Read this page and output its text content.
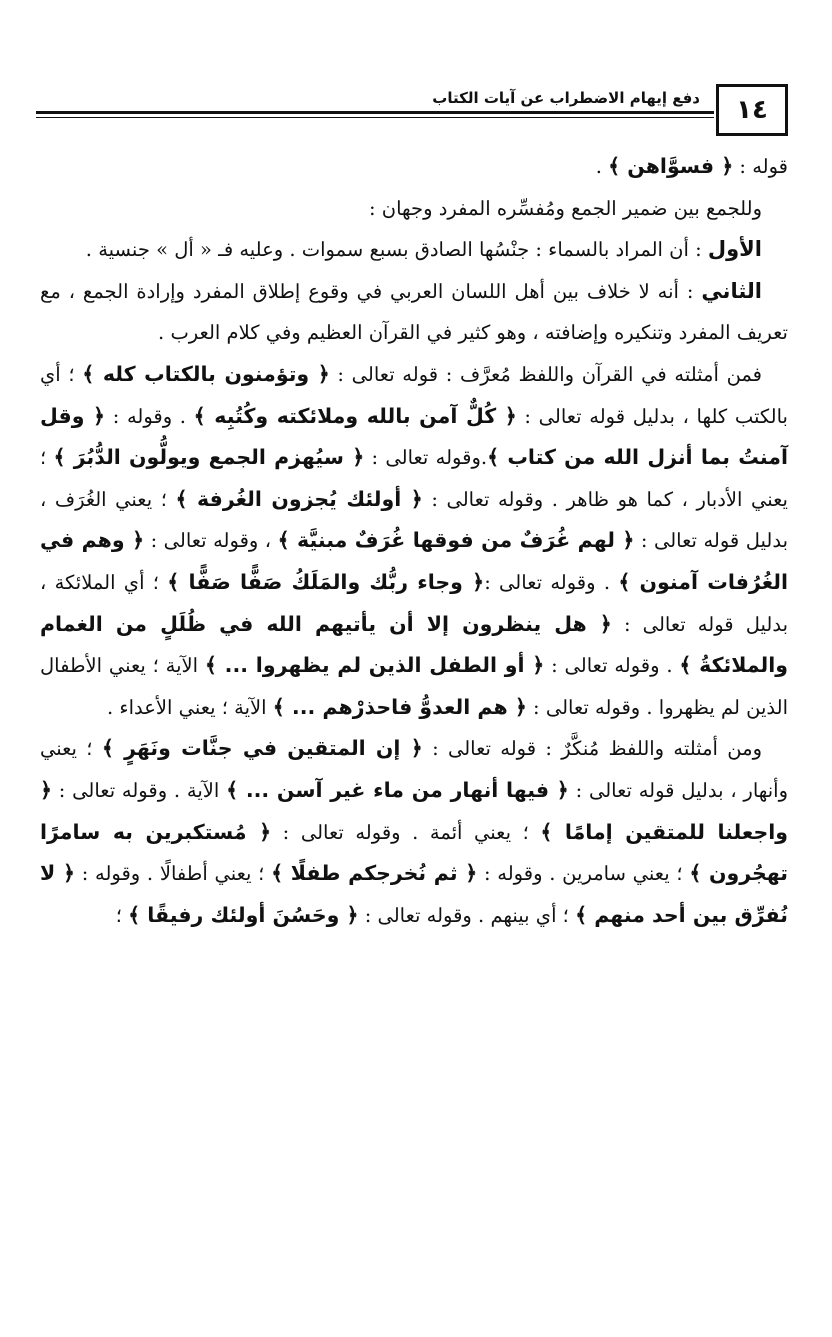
١٤
دفع إيهام الاضطراب عن آيات الكتاب

قوله : ﴿ فسوَّاهن ﴾ .

وللجمع بين ضمير الجمع ومُفسِّره المفرد وجهان :

الأول : أن المراد بالسماء : جنْسُها الصادق بسبع سموات . وعليه فـ « أل » جنسية .

الثاني : أنه لا خلاف بين أهل اللسان العربي في وقوع إطلاق المفرد وإرادة الجمع ، مع تعريف المفرد وتنكيره وإضافته ، وهو كثير في القرآن العظيم وفي كلام العرب .

فمن أمثلته في القرآن واللفظ مُعرَّف : قوله تعالى : ﴿ وتؤمنون بالكتاب كله ﴾ ؛ أي بالكتب كلها ، بدليل قوله تعالى : ﴿ كُلٌّ آمن بالله وملائكته وكُتُبِه ﴾ . وقوله : ﴿ وقل آمنتُ بما أنزل الله من كتاب ﴾.وقوله تعالى : ﴿ سيُهزم الجمع ويولُّون الدُّبُرَ ﴾ ؛ يعني الأدبار ، كما هو ظاهر . وقوله تعالى : ﴿ أولئك يُجزون الغُرفة ﴾ ؛ يعني الغُرَف ، بدليل قوله تعالى : ﴿ لهم غُرَفٌ من فوقها غُرَفٌ مبنيَّة ﴾ ، وقوله تعالى : ﴿ وهم في الغُرُفات آمنون ﴾ . وقوله تعالى :﴿ وجاء ربُّك والمَلَكُ صَفًّا صَفًّا ﴾ ؛ أي الملائكة ، بدليل قوله تعالى : ﴿ هل ينظرون إلا أن يأتيهم الله في ظُلَلٍ من الغمام والملائكةُ ﴾ . وقوله تعالى : ﴿ أو الطفل الذين لم يظهروا ... ﴾ الآية ؛ يعني الأطفال الذين لم يظهروا . وقوله تعالى : ﴿ هم العدوُّ فاحذرْهم ... ﴾ الآية ؛ يعني الأعداء .

ومن أمثلته واللفظ مُنكَّرٌ : قوله تعالى : ﴿ إن المتقين في جنَّات ونَهَرٍ ﴾ ؛ يعني وأنهار ، بدليل قوله تعالى : ﴿ فيها أنهار من ماء غير آسن ... ﴾ الآية . وقوله تعالى : ﴿ واجعلنا للمتقين إمامًا ﴾ ؛ يعني أئمة . وقوله تعالى : ﴿ مُستكبرين به سامرًا تهجُرون ﴾ ؛ يعني سامرين . وقوله : ﴿ ثم نُخرجكم طفلًا ﴾ ؛ يعني أطفالًا . وقوله : ﴿ لا نُفرِّق بين أحد منهم ﴾ ؛ أي بينهم . وقوله تعالى : ﴿ وحَسُنَ أولئك رفيقًا ﴾ ؛
